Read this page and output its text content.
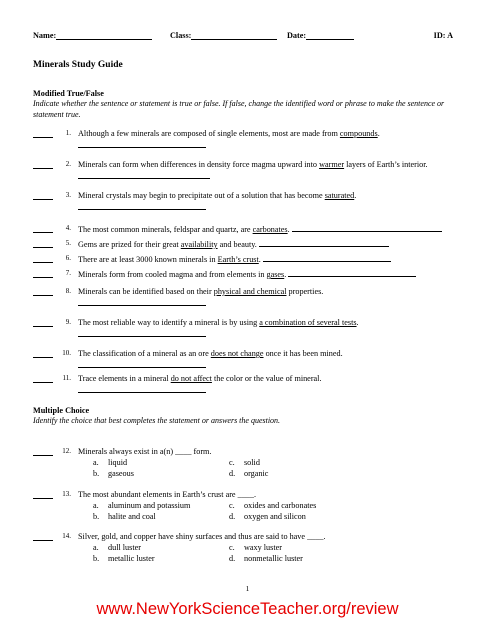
Name:	Class:	Date:	ID: A
Minerals Study Guide
Modified True/False
Indicate whether the sentence or statement is true or false. If false, change the identified word or phrase to make the sentence or statement true.
1. Although a few minerals are composed of single elements, most are made from compounds.

2. Minerals can form when differences in density force magma upward into warmer layers of Earth’s interior.
3. Mineral crystals may begin to precipitate out of a solution that has become saturated.

4. The most common minerals, feldspar and quartz, are carbonates.
5. Gems are prized for their great availability and beauty.
6. There are at least 3000 known minerals in Earth’s crust.
7. Minerals form from cooled magma and from elements in gases.
8. Minerals can be identified based on their physical and chemical properties.

9. The most reliable way to identify a mineral is by using a combination of several tests.

10. The classification of a mineral as an ore does not change once it has been mined.

11. Trace elements in a mineral do not affect the color or the value of mineral.

Multiple Choice
Identify the choice that best completes the statement or answers the question.
12. Minerals always exist in a(n) ____ form.
a. liquid
b. gaseous
c. solid
d. organic
13. The most abundant elements in Earth’s crust are ____.
a. aluminum and potassium
b. halite and coal
c. oxides and carbonates
d. oxygen and silicon
14. Silver, gold, and copper have shiny surfaces and thus are said to have ____.
a. dull luster
b. metallic luster
c. waxy luster
d. nonmetallic luster
1
www.NewYorkScienceTeacher.org/review
